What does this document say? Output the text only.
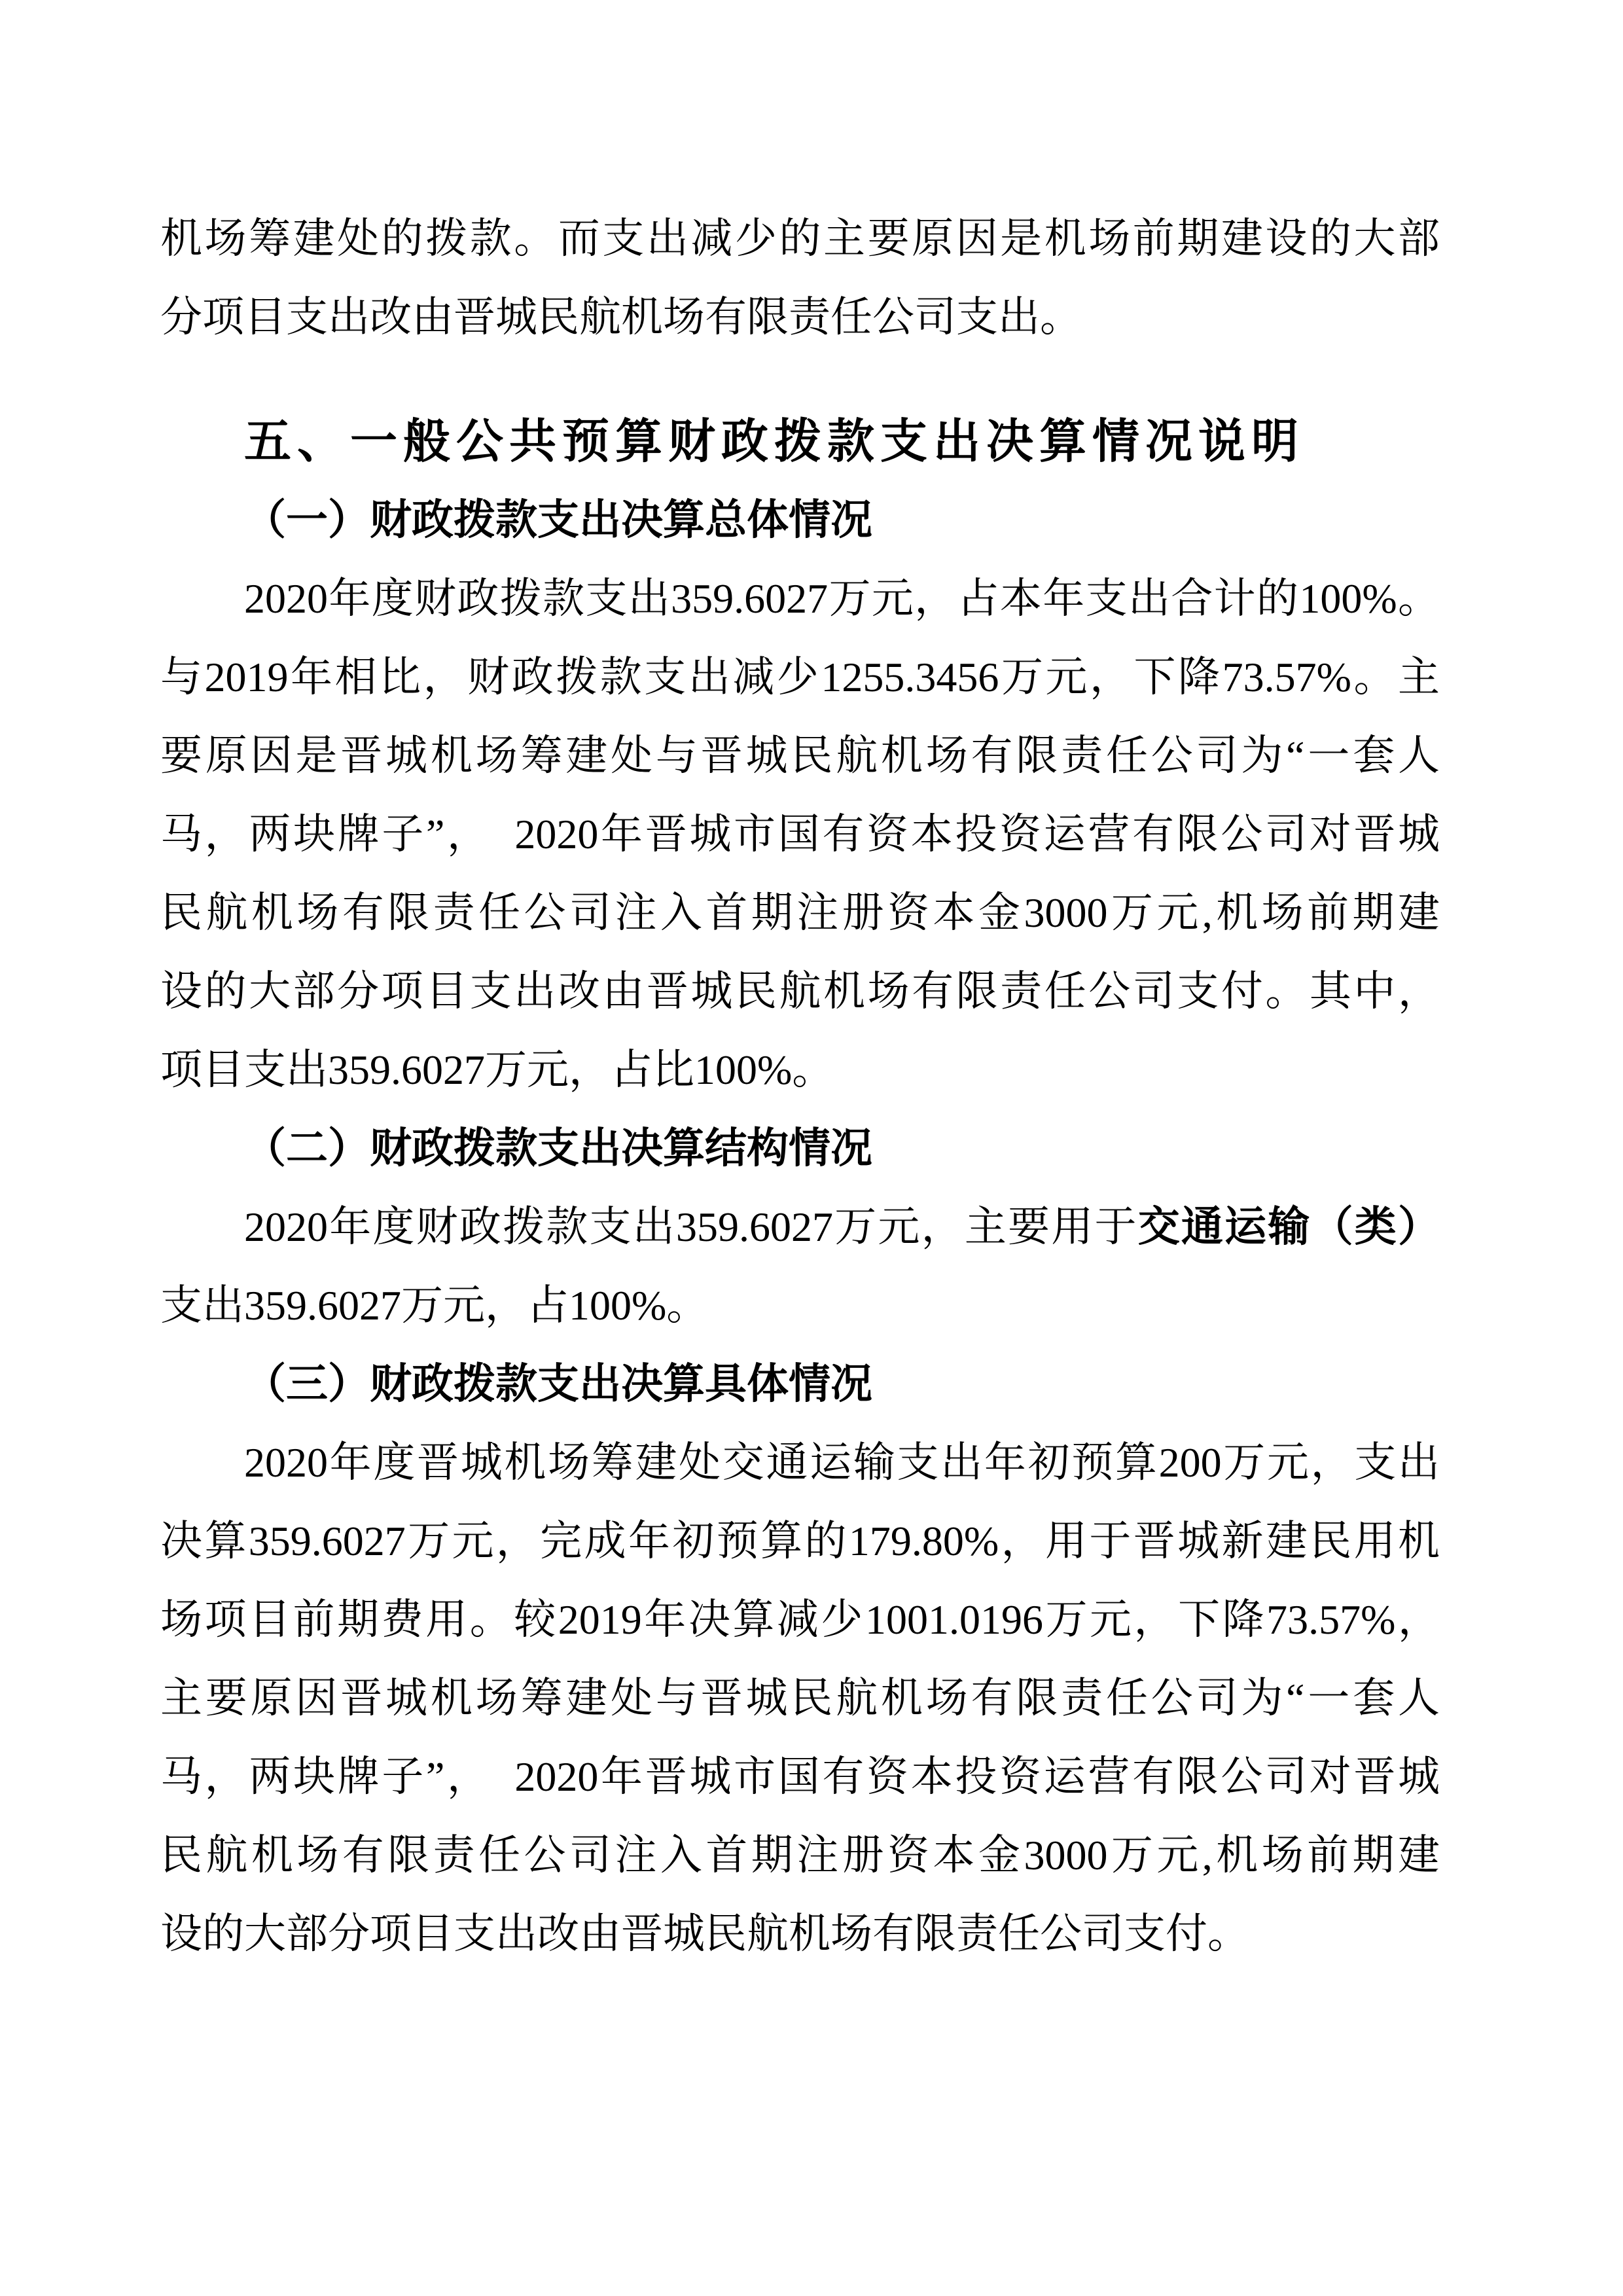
机场筹建处的拨款。而支出减少的主要原因是机场前期建设的大部
分项目支出改由晋城民航机场有限责任公司支出。
五、一般公共预算财政拨款支出决算情况说明
（一）财政拨款支出决算总体情况
2020年度财政拨款支出359.6027万元，占本年支出合计的100%。
与2019年相比，财政拨款支出减少1255.3456万元，下降73.57%。主
要原因是晋城机场筹建处与晋城民航机场有限责任公司为“一套人
马，两块牌子”，　2020年晋城市国有资本投资运营有限公司对晋城
民航机场有限责任公司注入首期注册资本金3000万元,机场前期建
设的大部分项目支出改由晋城民航机场有限责任公司支付。其中，
项目支出359.6027万元，占比100%。
（二）财政拨款支出决算结构情况
2020年度财政拨款支出359.6027万元，主要用于交通运输（类）
支出359.6027万元，占100%。
（三）财政拨款支出决算具体情况
2020年度晋城机场筹建处交通运输支出年初预算200万元，支出
决算359.6027万元，完成年初预算的179.80%，用于晋城新建民用机
场项目前期费用。较2019年决算减少1001.0196万元，下降73.57%，
主要原因晋城机场筹建处与晋城民航机场有限责任公司为“一套人
马，两块牌子”，　2020年晋城市国有资本投资运营有限公司对晋城
民航机场有限责任公司注入首期注册资本金3000万元,机场前期建
设的大部分项目支出改由晋城民航机场有限责任公司支付。
